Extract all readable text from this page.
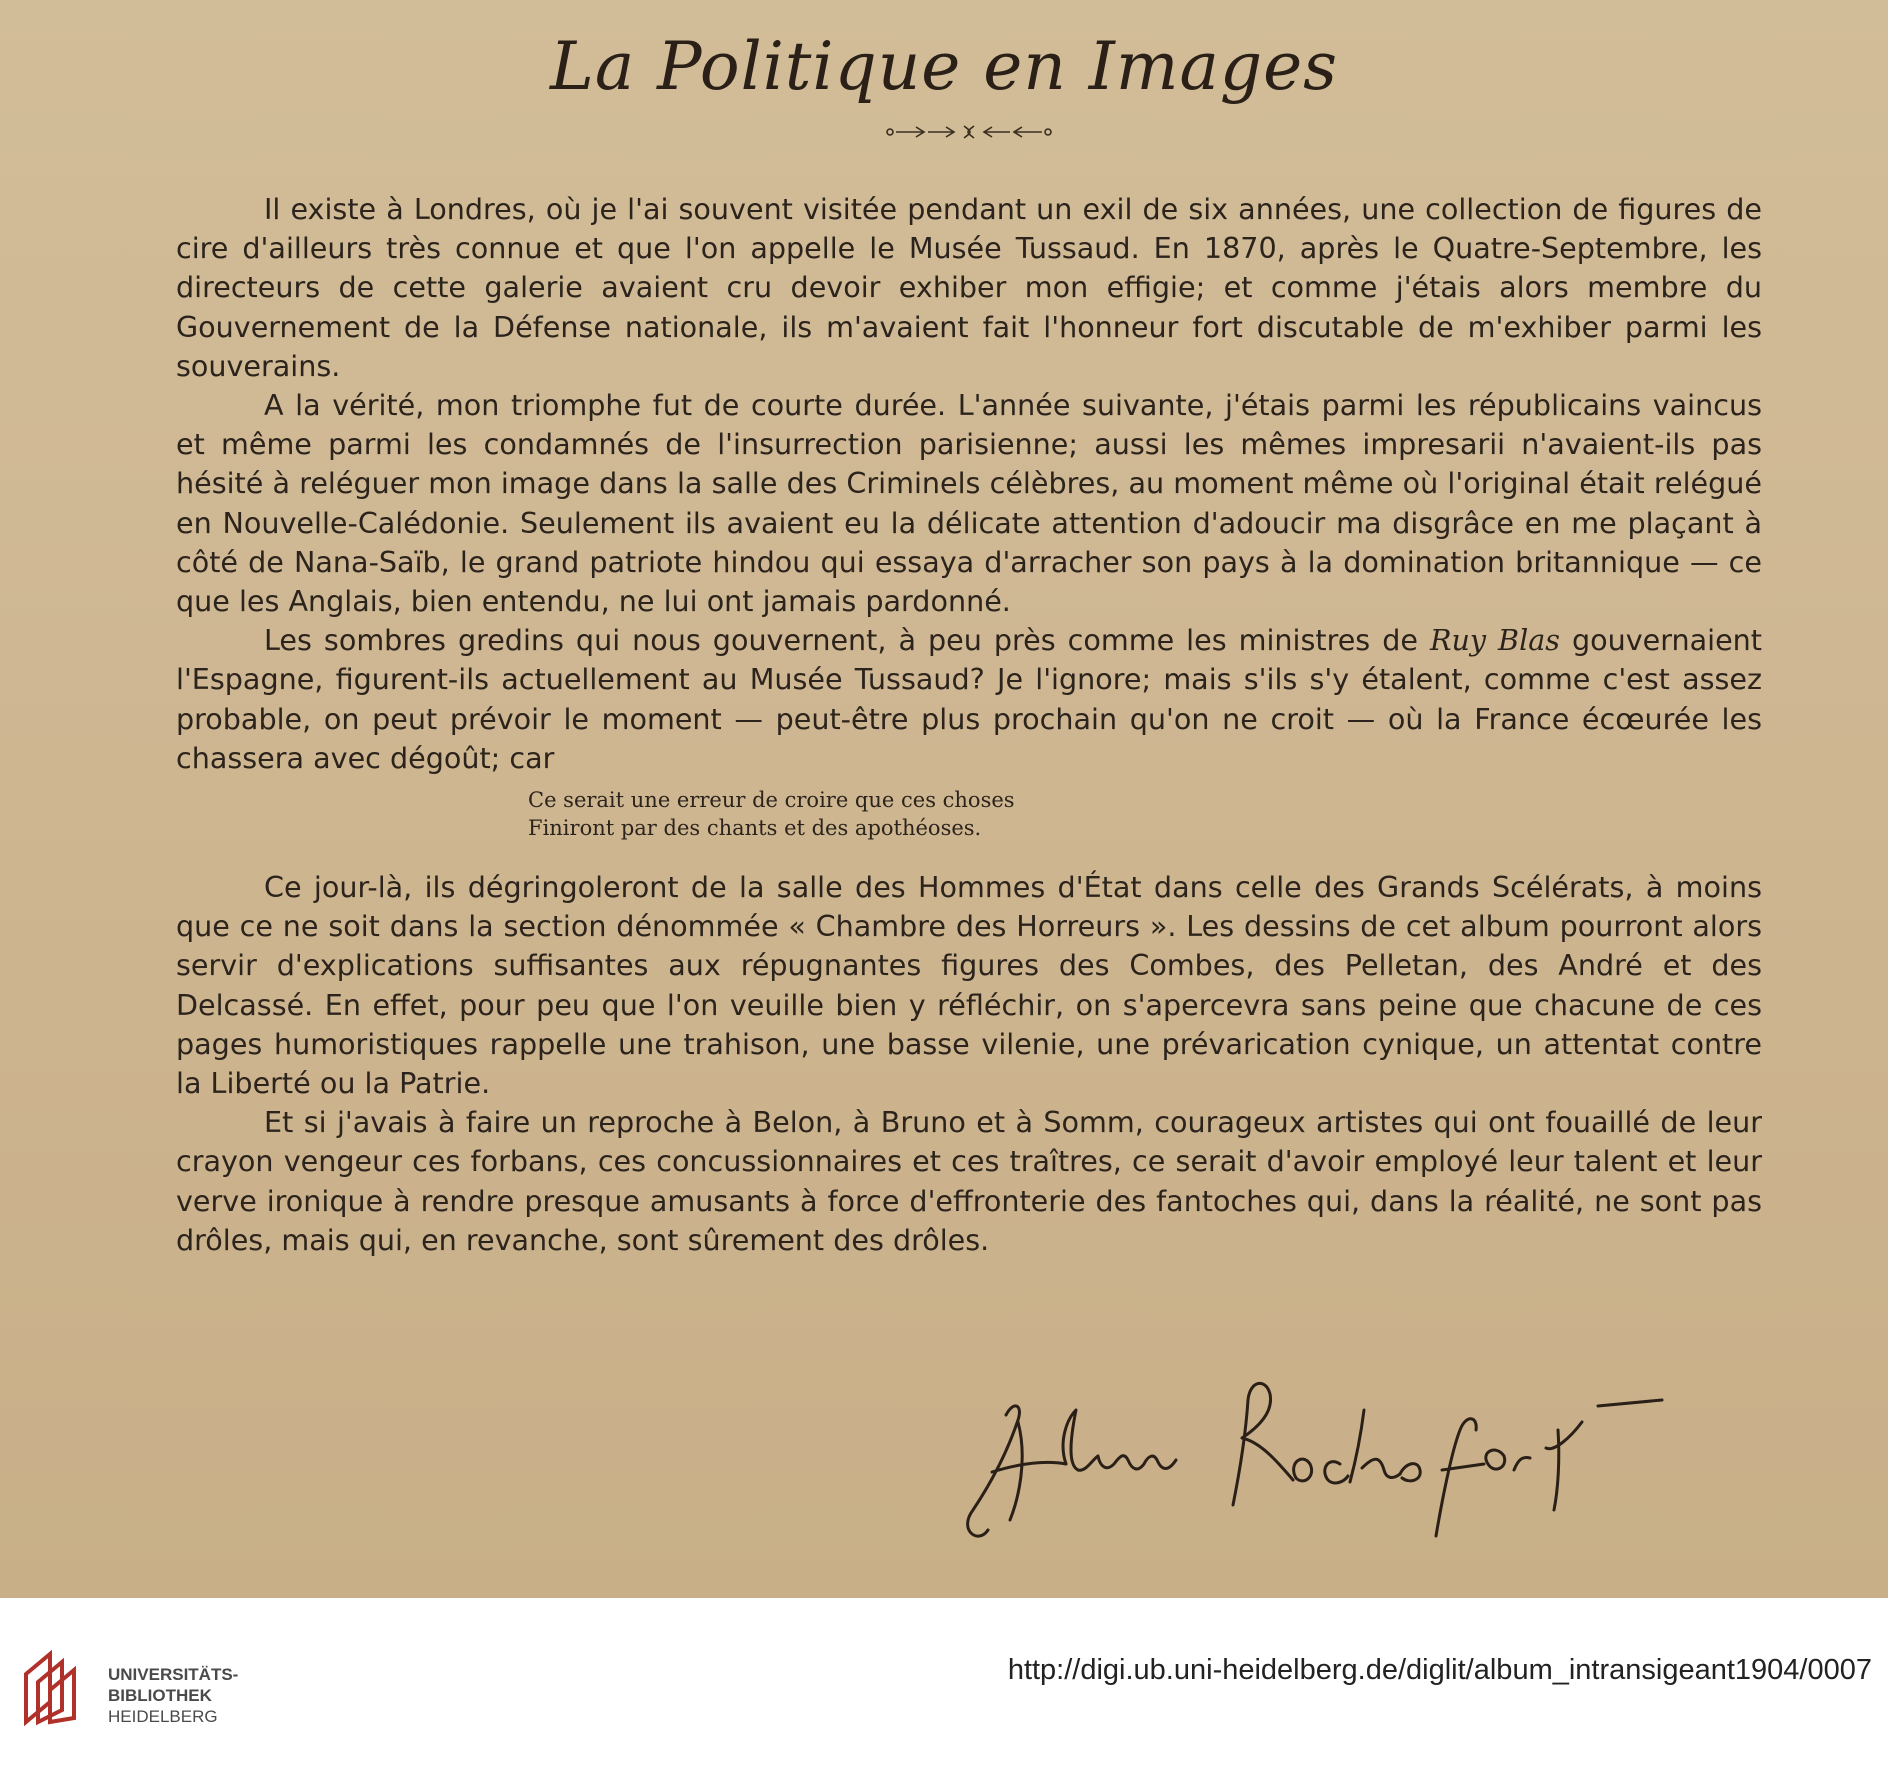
La Politique en Images

Il existe à Londres, où je l'ai souvent visitée pendant un exil de six années, une collection de figures de cire d'ailleurs très connue et que l'on appelle le Musée Tussaud. En 1870, après le Quatre-Septembre, les directeurs de cette galerie avaient cru devoir exhiber mon effigie; et comme j'étais alors membre du Gouvernement de la Défense nationale, ils m'avaient fait l'honneur fort discutable de m'exhiber parmi les souverains.

A la vérité, mon triomphe fut de courte durée. L'année suivante, j'étais parmi les républicains vaincus et même parmi les condamnés de l'insurrection parisienne; aussi les mêmes impresarii n'avaient-ils pas hésité à reléguer mon image dans la salle des Criminels célèbres, au moment même où l'original était relégué en Nouvelle-Calédonie. Seulement ils avaient eu la délicate attention d'adoucir ma disgrâce en me plaçant à côté de Nana-Saïb, le grand patriote hindou qui essaya d'arracher son pays à la domination britannique — ce que les Anglais, bien entendu, ne lui ont jamais pardonné.

Les sombres gredins qui nous gouvernent, à peu près comme les ministres de Ruy Blas gouvernaient l'Espagne, figurent-ils actuellement au Musée Tussaud? Je l'ignore; mais s'ils s'y étalent, comme c'est assez probable, on peut prévoir le moment — peut-être plus prochain qu'on ne croit — où la France écœurée les chassera avec dégoût; car

Ce serait une erreur de croire que ces choses
Finiront par des chants et des apothéoses.

Ce jour-là, ils dégringoleront de la salle des Hommes d'État dans celle des Grands Scélérats, à moins que ce ne soit dans la section dénommée « Chambre des Horreurs ». Les dessins de cet album pourront alors servir d'explications suffisantes aux répugnantes figures des Combes, des Pelletan, des André et des Delcassé. En effet, pour peu que l'on veuille bien y réfléchir, on s'apercevra sans peine que chacune de ces pages humoristiques rappelle une trahison, une basse vilenie, une prévarication cynique, un attentat contre la Liberté ou la Patrie.

Et si j'avais à faire un reproche à Belon, à Bruno et à Somm, courageux artistes qui ont fouaillé de leur crayon vengeur ces forbans, ces concussionnaires et ces traîtres, ce serait d'avoir employé leur talent et leur verve ironique à rendre presque amusants à force d'effronterie des fantoches qui, dans la réalité, ne sont pas drôles, mais qui, en revanche, sont sûrement des drôles.

UNIVERSITÄTS-
BIBLIOTHEK
HEIDELBERG
http://digi.ub.uni-heidelberg.de/diglit/album_intransigeant1904/0007
